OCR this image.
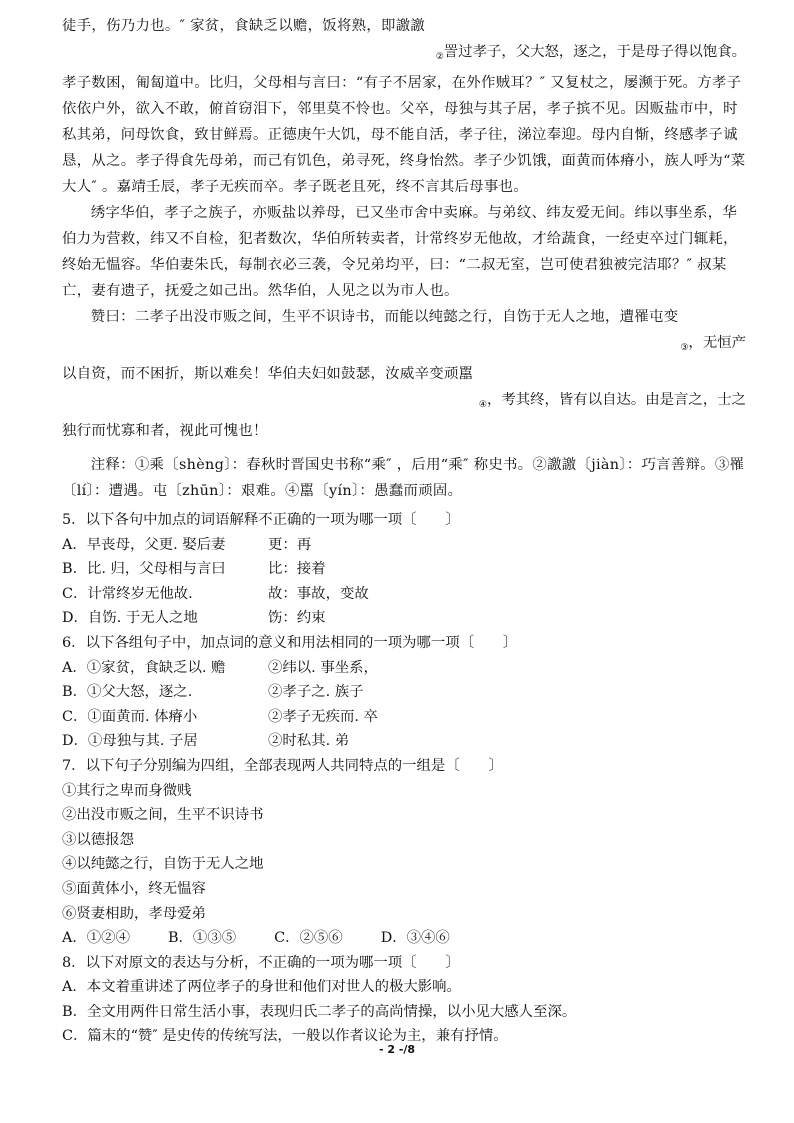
徒手，伤乃力也。″ 家贫，食缺乏以赡，饭将熟，即譤譤

$_②$詈过孝子，父大怒，逐之，于是母子得以饱食。

孝子数困，匍匐道中。比归，父母相与言曰：“有子不居家，在外作贼耳？″ 又复杖之，屡濒于死。方孝子依依户外，欲入不敢，俯首窃泪下，邻里莫不怜也。父卒，母独与其子居，孝子摈不见。因贩盐市中，时私其弟，问母饮食，致甘鲜焉。正德庚午大饥，母不能自活，孝子往，涕泣奉迎。母内自惭，终感孝子诚恳，从之。孝子得食先母弟，而己有饥色，弟寻死，终身怡然。孝子少饥饿，面黄而体瘠小，族人呼为“菜大人″ 。嘉靖壬辰，孝子无疾而卒。孝子既老且死，终不言其后母事也。

绣字华伯，孝子之族子，亦贩盐以养母，已又坐市舍中卖麻。与弟纹、纬友爱无间。纬以事坐系，华伯力为营救，纬又不自检，犯者数次，华伯所转卖者，计常终岁无他故，才给蔬食，一经吏卒过门辄耗，终始无愠容。华伯妻朱氏，每制衣必三袭，令兄弟均平，曰：“二叔无室，岂可使君独被完洁耶？″ 叔某亡，妻有遗子，抚爱之如己出。然华伯，人见之以为市人也。

赞曰：二孝子出没市贩之间，生平不识诗书，而能以纯懿之行，自饬于无人之地，遭罹屯变

$_③$，无恒产

以自资，而不困折，斯以难矣！华伯夫妇如鼓瑟，汝威辛变顽嚚

$_④$，考其终，皆有以自达。由是言之，士之

独行而忧寡和者，视此可愧也！

注释：①乘〔shèng〕：春秋时晋国史书称“乘″ ，后用“乘″ 称史书。②譤譤〔jiàn〕：巧言善辩。③罹〔lí〕：遭遇。屯〔zhūn〕：艰难。④嚚〔yín〕：愚蠢而顽固。

5．以下各句中加点的词语解释不正确的一项为哪一项〔　　〕

A．早丧母，父更. 娶后妻	更：再
B．比. 归，父母相与言曰	比：接着
C．计常终岁无他故.	故：事故，变故
D．自饬. 于无人之地	饬：约束

6．以下各组句子中，加点词的意义和用法相同的一项为哪一项〔　　〕

A．①家贫，食缺乏以. 赡	②纬以. 事坐系，
B．①父大怒，逐之.	②孝子之. 族子
C．①面黄而. 体瘠小	②孝子无疾而. 卒
D．①母独与其. 子居	②时私其. 弟

7．以下句子分别编为四组，全部表现两人共同特点的一组是〔　　〕

①其行之卑而身微贱

②出没市贩之间，生平不识诗书

③以德报怨

④以纯懿之行，自饬于无人之地

⑤面黄体小，终无愠容

⑥贤妻相助，孝母爱弟

A．①②④	B．①③⑤	C．②⑤⑥	D．③④⑥

8．以下对原文的表达与分析，不正确的一项为哪一项〔　　〕

A．本文着重讲述了两位孝子的身世和他们对世人的极大影响。

B．全文用两件日常生活小事，表现归氏二孝子的高尚情操，以小见大感人至深。

C．篇末的“赞″ 是史传的传统写法，一般以作者议论为主，兼有抒情。

- 2 -/8
